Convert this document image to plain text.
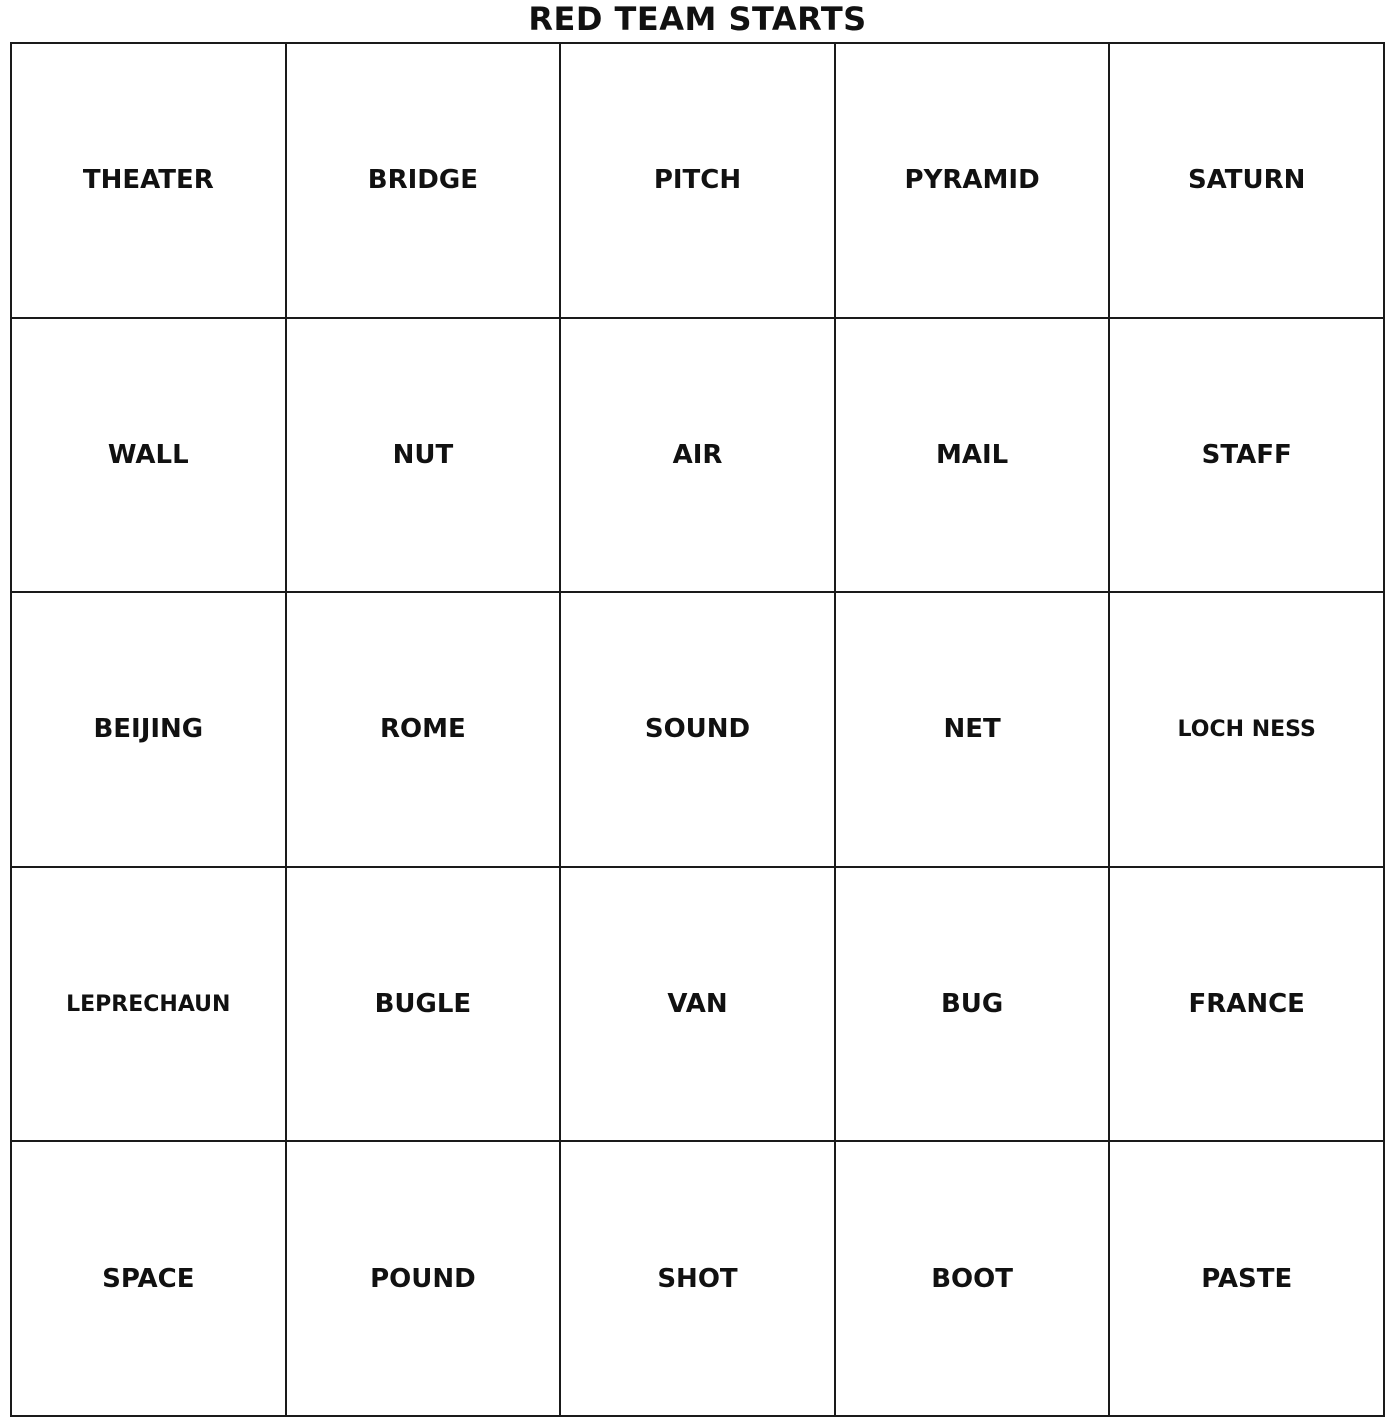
RED TEAM STARTS
THEATER	BRIDGE	PITCH	PYRAMID	SATURN
WALL	NUT	AIR	MAIL	STAFF
BEIJING	ROME	SOUND	NET	LOCH NESS
LEPRECHAUN	BUGLE	VAN	BUG	FRANCE
SPACE	POUND	SHOT	BOOT	PASTE
